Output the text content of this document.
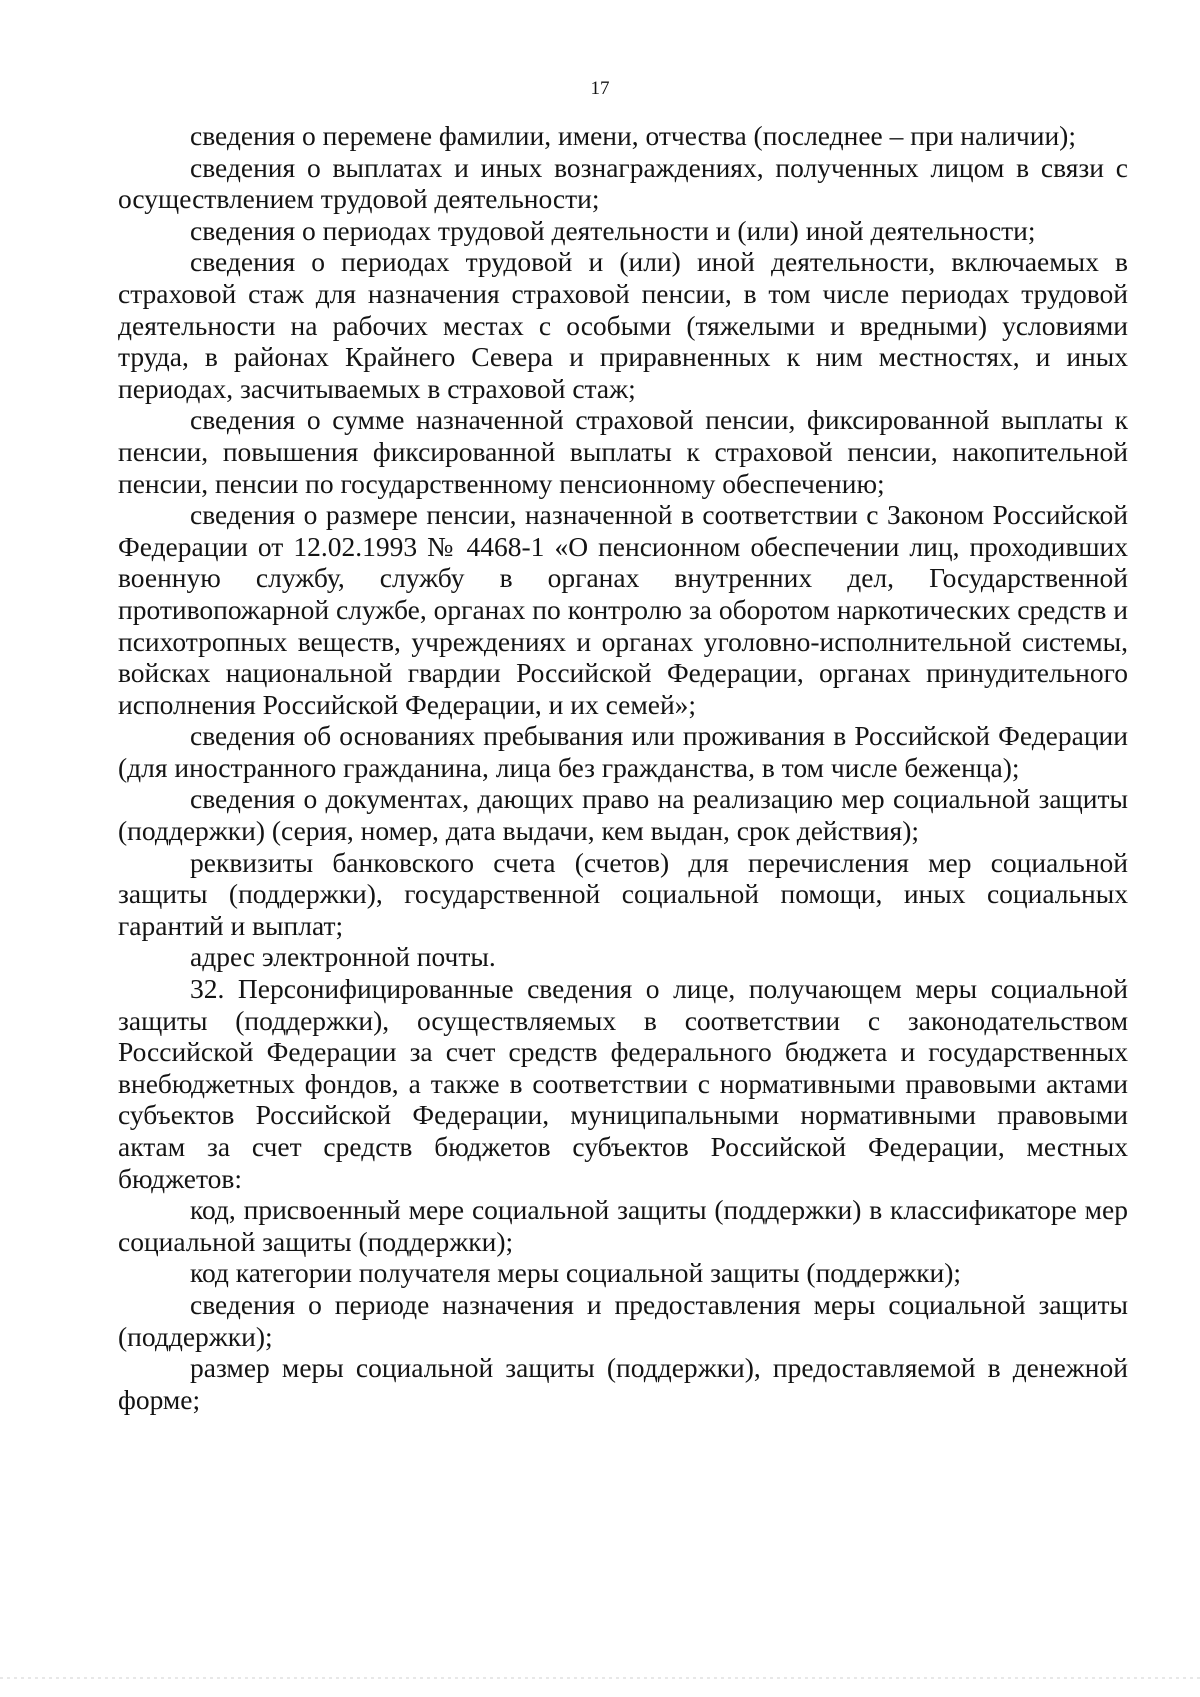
17

сведения о перемене фамилии, имени, отчества (последнее – при наличии);

сведения о выплатах и иных вознаграждениях, полученных лицом в связи с осуществлением трудовой деятельности;

сведения о периодах трудовой деятельности и (или) иной деятельности;

сведения о периодах трудовой и (или) иной деятельности, включаемых в страховой стаж для назначения страховой пенсии, в том числе периодах трудовой деятельности на рабочих местах с особыми (тяжелыми и вредными) условиями труда, в районах Крайнего Севера и приравненных к ним местностях, и иных периодах, засчитываемых в страховой стаж;

сведения о сумме назначенной страховой пенсии, фиксированной выплаты к пенсии, повышения фиксированной выплаты к страховой пенсии, накопительной пенсии, пенсии по государственному пенсионному обеспечению;

сведения о размере пенсии, назначенной в соответствии с Законом Российской Федерации от 12.02.1993 № 4468-1 «О пенсионном обеспечении лиц, проходивших военную службу, службу в органах внутренних дел, Государственной противопожарной службе, органах по контролю за оборотом наркотических средств и психотропных веществ, учреждениях и органах уголовно-исполнительной системы, войсках национальной гвардии Российской Федерации, органах принудительного исполнения Российской Федерации, и их семей»;

сведения об основаниях пребывания или проживания в Российской Федерации (для иностранного гражданина, лица без гражданства, в том числе беженца);

сведения о документах, дающих право на реализацию мер социальной защиты (поддержки) (серия, номер, дата выдачи, кем выдан, срок действия);

реквизиты банковского счета (счетов) для перечисления мер социальной защиты (поддержки), государственной социальной помощи, иных социальных гарантий и выплат;

адрес электронной почты.

32. Персонифицированные сведения о лице, получающем меры социальной защиты (поддержки), осуществляемых в соответствии с законодательством Российской Федерации за счет средств федерального бюджета и государственных внебюджетных фондов, а также в соответствии с нормативными правовыми актами субъектов Российской Федерации, муниципальными нормативными правовыми актам за счет средств бюджетов субъектов Российской Федерации, местных бюджетов:

код, присвоенный мере социальной защиты (поддержки) в классификаторе мер социальной защиты (поддержки);

код категории получателя меры социальной защиты (поддержки);

сведения о периоде назначения и предоставления меры социальной защиты (поддержки);

размер меры социальной защиты (поддержки), предоставляемой в денежной форме;
